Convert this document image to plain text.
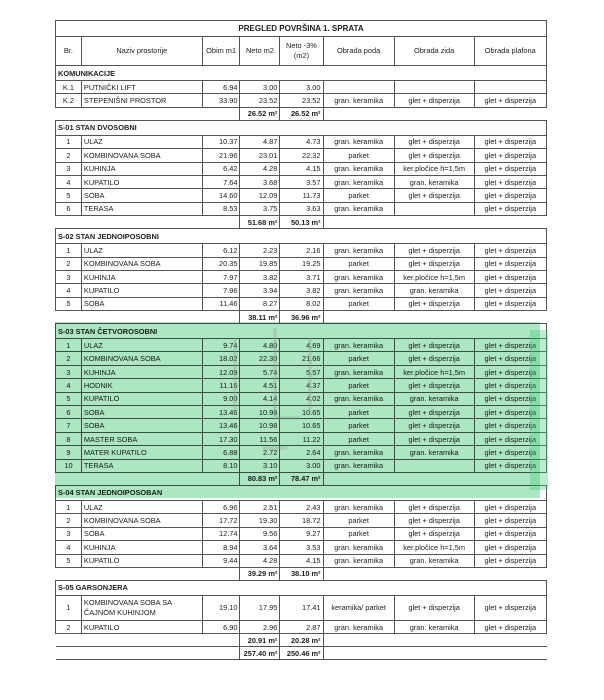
PREGLED POVRŠINA 1. SPRATA							
Br.	Naziv prostorije	Obim m1	Neto m2	Neto -3% (m2)	Obrada poda	Obrada zida	Obrada plafona
KOMUNIKACIJE							
K.1	PUTNIČKI LIFT	6.94	3.00	3.00			
K.2	STEPENIŠNI PROSTOR	33.90	23.52	23.52	gran. keramika	glet + disperzija	glet + disperzija
			26.52 m²	26.52 m²			
S-01 STAN DVOSOBNI							
1	ULAZ	10.37	4.87	4.73	gran. keramika	glet + disperzija	glet + disperzija
2	KOMBINOVANA SOBA	21.96	23.01	22.32	parket	glet + disperzija	glet + disperzija
3	KUHINJA	6.42	4.28	4.15	gran. keramika	ker.pločice h=1,5m	glet + disperzija
4	KUPATILO	7.64	3.68	3.57	gran. keramika	gran. keramika	glet + disperzija
5	SOBA	14.60	12.09	11.73	parket	glet + disperzija	glet + disperzija
6	TERASA	8.53	3.75	3.63	gran. keramika		glet + disperzija
			51.68 m²	50.13 m²			
S-02 STAN JEDNOIPOSOBNI							
1	ULAZ	6.12	2.23	2.16	gran. keramika	glet + disperzija	glet + disperzija
2	KOMBINOVANA SOBA	20.35	19.85	19.25	parket	glet + disperzija	glet + disperzija
3	KUHINJA	7.97	3.82	3.71	gran. keramika	ker.pločice h=1,5m	glet + disperzija
4	KUPATILO	7.96	3.94	3.82	gran. keramika	gran. keramika	glet + disperzija
5	SOBA	11.46	8.27	8.02	parket	glet + disperzija	glet + disperzija
			38.11 m²	36.96 m²			
S-03 STAN ČETVOROSOBNI							
1	ULAZ	9.74	4.80	4.69	gran. keramika	glet + disperzija	glet + disperzija
2	KOMBINOVANA SOBA	18.02	22.30	21.66	parket	glet + disperzija	glet + disperzija
3	KUHINJA	12.09	5.74	5.57	gran. keramika	ker.pločice h=1,5m	glet + disperzija
4	HODNIK	11.16	4.51	4.37	parket	glet + disperzija	glet + disperzija
5	KUPATILO	9.00	4.14	4.02	gran. keramika	gran. keramika	glet + disperzija
6	SOBA	13.46	10.98	10.65	parket	glet + disperzija	glet + disperzija
7	SOBA	13.46	10.98	10.65	parket	glet + disperzija	glet + disperzija
8	MASTER SOBA	17.30	11.56	11.22	parket	glet + disperzija	glet + disperzija
9	MATER KUPATILO	6.88	2.72	2.64	gran. keramika	gran. keramika	glet + disperzija
10	TERASA	8.10	3.10	3.00	gran. keramika		glet + disperzija
			80.83 m²	78.47 m²			
S-04 STAN JEDNOIPOSOBAN							
1	ULAZ	6.96	2.51	2.43	gran. keramika	glet + disperzija	glet + disperzija
2	KOMBINOVANA SOBA	17.72	19.30	18.72	parket	glet + disperzija	glet + disperzija
3	SOBA	12.74	9.56	9.27	parket	glet + disperzija	glet + disperzija
4	KUHINJA	8.94	3.64	3.53	gran. keramika	ker.pločice h=1,5m	glet + disperzija
5	KUPATILO	9.44	4.28	4.15	gran. keramika	gran. keramika	glet + disperzija
			39.29 m²	38.10 m²			
S-05 GARSONJERA							
1	KOMBINOVANA SOBA SA ČAJNOM KUHINJOM	19.10	17.95	17.41	keramika/ parket	glet + disperzija	glet + disperzija
2	KUPATILO	6.90	2.96	2.87	gran. keramika	gran. keramika	glet + disperzija
			20.91 m²	20.28 m²			
			257.40 m²	250.46 m²			
